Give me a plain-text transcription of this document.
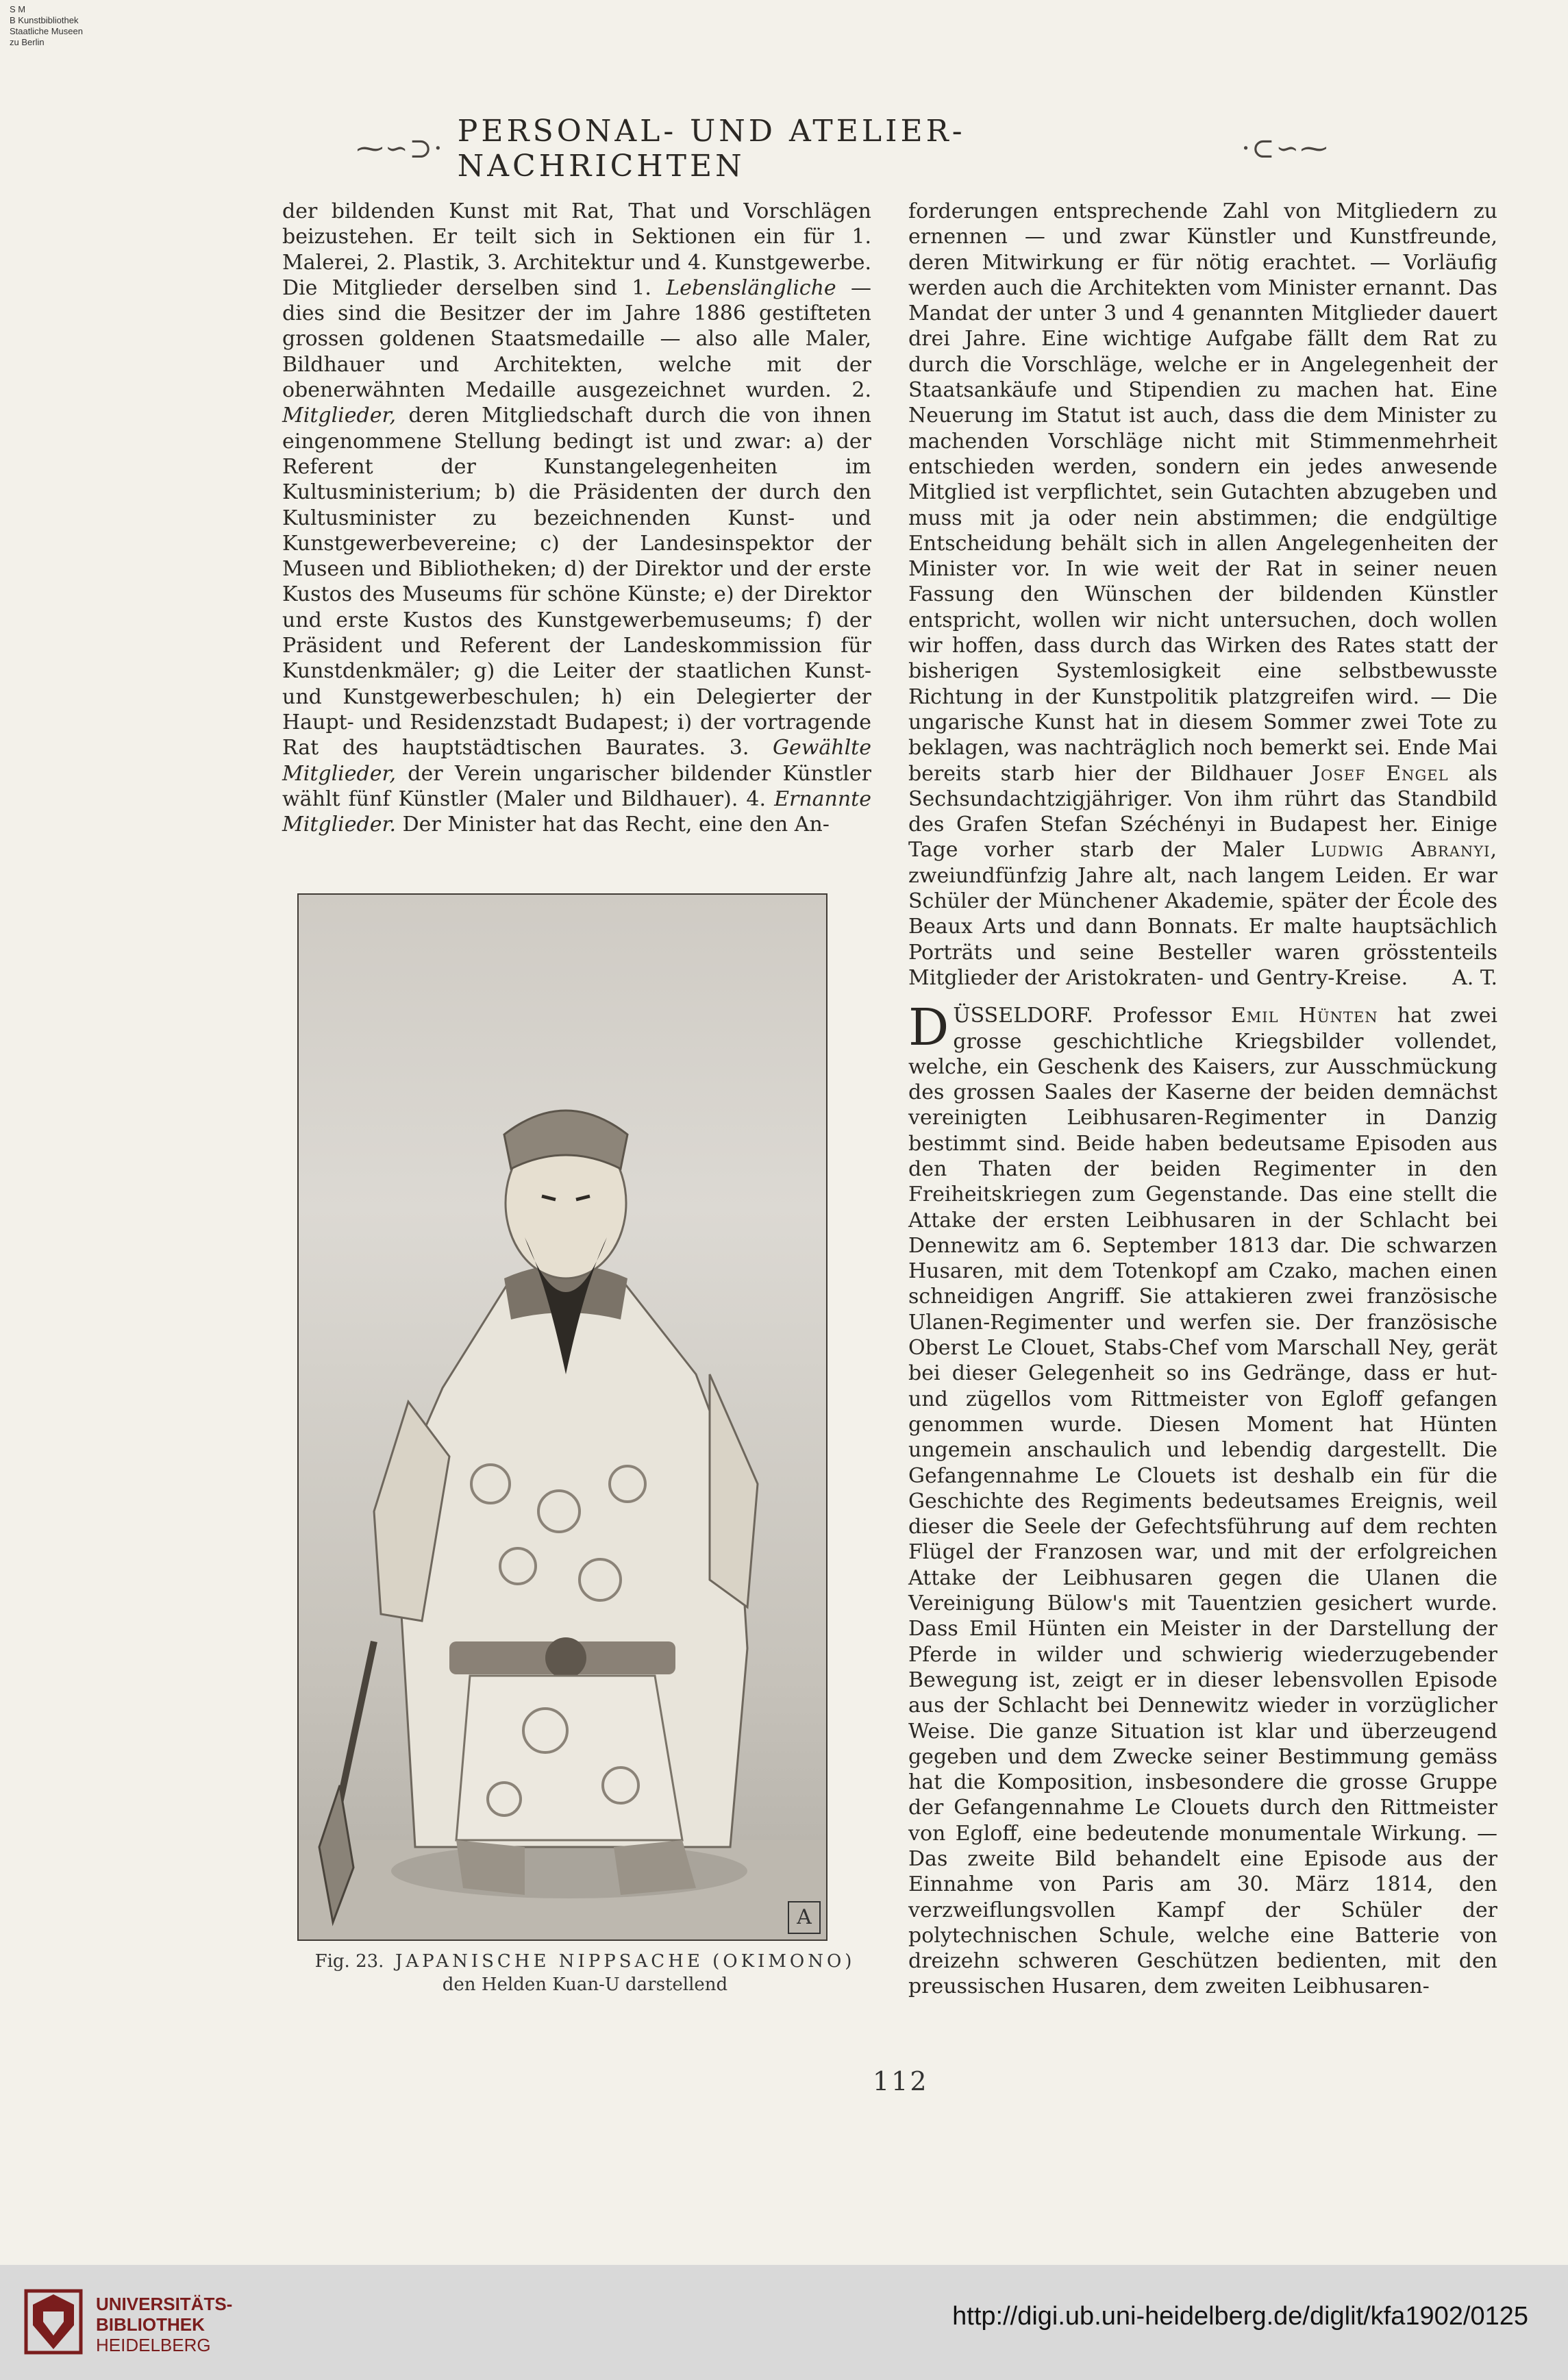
S M
B Kunstbibliothek
Staatliche Museen
zu Berlin
⁓∽⊃· PERSONAL- UND ATELIER-NACHRICHTEN	·⊂∽⁓

der bildenden Kunst mit Rat, That und Vorschlägen beizustehen. Er teilt sich in Sektionen ein für 1. Malerei, 2. Plastik, 3. Architektur und 4. Kunstgewerbe. Die Mitglieder derselben sind 1. Lebenslängliche — dies sind die Besitzer der im Jahre 1886 gestifteten grossen goldenen Staatsmedaille — also alle Maler, Bildhauer und Architekten, welche mit der obenerwähnten Medaille ausgezeichnet wurden. 2. Mitglieder, deren Mitgliedschaft durch die von ihnen eingenommene Stellung bedingt ist und zwar: a) der Referent der Kunstangelegenheiten im Kultusministerium; b) die Präsidenten der durch den Kultusminister zu bezeichnenden Kunst- und Kunstgewerbevereine; c) der Landesinspektor der Museen und Bibliotheken; d) der Direktor und der erste Kustos des Museums für schöne Künste; e) der Direktor und erste Kustos des Kunstgewerbemuseums; f) der Präsident und Referent der Landeskommission für Kunstdenkmäler; g) die Leiter der staatlichen Kunst- und Kunstgewerbeschulen; h) ein Delegierter der Haupt- und Residenzstadt Budapest; i) der vortragende Rat des hauptstädtischen Baurates. 3. Gewählte Mitglieder, der Verein ungarischer bildender Künstler wählt fünf Künstler (Maler und Bildhauer). 4. Ernannte Mitglieder. Der Minister hat das Recht, eine den An-

A
Fig. 23. JAPANISCHE NIPPSACHE (OKIMONO)
den Helden Kuan-U darstellend

forderungen entsprechende Zahl von Mitgliedern zu ernennen — und zwar Künstler und Kunstfreunde, deren Mitwirkung er für nötig erachtet. — Vorläufig werden auch die Architekten vom Minister ernannt. Das Mandat der unter 3 und 4 genannten Mitglieder dauert drei Jahre. Eine wichtige Aufgabe fällt dem Rat zu durch die Vorschläge, welche er in Angelegenheit der Staatsankäufe und Stipendien zu machen hat. Eine Neuerung im Statut ist auch, dass die dem Minister zu machenden Vorschläge nicht mit Stimmenmehrheit entschieden werden, sondern ein jedes anwesende Mitglied ist verpflichtet, sein Gutachten abzugeben und muss mit ja oder nein abstimmen; die endgültige Entscheidung behält sich in allen Angelegenheiten der Minister vor. In wie weit der Rat in seiner neuen Fassung den Wünschen der bildenden Künstler entspricht, wollen wir nicht untersuchen, doch wollen wir hoffen, dass durch das Wirken des Rates statt der bisherigen Systemlosigkeit eine selbstbewusste Richtung in der Kunstpolitik platzgreifen wird. — Die ungarische Kunst hat in diesem Sommer zwei Tote zu beklagen, was nachträglich noch bemerkt sei. Ende Mai bereits starb hier der Bildhauer Josef Engel als Sechsundachtzigjähriger. Von ihm rührt das Standbild des Grafen Stefan Széchényi in Budapest her. Einige Tage vorher starb der Maler Ludwig Abranyi, zweiundfünfzig Jahre alt, nach langem Leiden. Er war Schüler der Münchener Akademie, später der École des Beaux Arts und dann Bonnats. Er malte hauptsächlich Porträts und seine Besteller waren grösstenteils Mitglieder der Aristokraten- und Gentry-Kreise. A. T.

DÜSSELDORF. Professor Emil Hünten hat zwei grosse geschichtliche Kriegsbilder vollendet, welche, ein Geschenk des Kaisers, zur Ausschmückung des grossen Saales der Kaserne der beiden demnächst vereinigten Leibhusaren-Regimenter in Danzig bestimmt sind. Beide haben bedeutsame Episoden aus den Thaten der beiden Regimenter in den Freiheitskriegen zum Gegenstande. Das eine stellt die Attake der ersten Leibhusaren in der Schlacht bei Dennewitz am 6. September 1813 dar. Die schwarzen Husaren, mit dem Totenkopf am Czako, machen einen schneidigen Angriff. Sie attakieren zwei französische Ulanen-Regimenter und werfen sie. Der französische Oberst Le Clouet, Stabs-Chef vom Marschall Ney, gerät bei dieser Gelegenheit so ins Gedränge, dass er hut- und zügellos vom Rittmeister von Egloff gefangen genommen wurde. Diesen Moment hat Hünten ungemein anschaulich und lebendig dargestellt. Die Gefangennahme Le Clouets ist deshalb ein für die Geschichte des Regiments bedeutsames Ereignis, weil dieser die Seele der Gefechtsführung auf dem rechten Flügel der Franzosen war, und mit der erfolgreichen Attake der Leibhusaren gegen die Ulanen die Vereinigung Bülow's mit Tauentzien gesichert wurde. Dass Emil Hünten ein Meister in der Darstellung der Pferde in wilder und schwierig wiederzugebender Bewegung ist, zeigt er in dieser lebensvollen Episode aus der Schlacht bei Dennewitz wieder in vorzüglicher Weise. Die ganze Situation ist klar und überzeugend gegeben und dem Zwecke seiner Bestimmung gemäss hat die Komposition, insbesondere die grosse Gruppe der Gefangennahme Le Clouets durch den Rittmeister von Egloff, eine bedeutende monumentale Wirkung. — Das zweite Bild behandelt eine Episode aus der Einnahme von Paris am 30. März 1814, den verzweiflungsvollen Kampf der Schüler der polytechnischen Schule, welche eine Batterie von dreizehn schweren Geschützen bedienten, mit den preussischen Husaren, dem zweiten Leibhusaren-

112
UNIVERSITÄTS-
BIBLIOTHEK
HEIDELBERG
http://digi.ub.uni-heidelberg.de/diglit/kfa1902/0125
